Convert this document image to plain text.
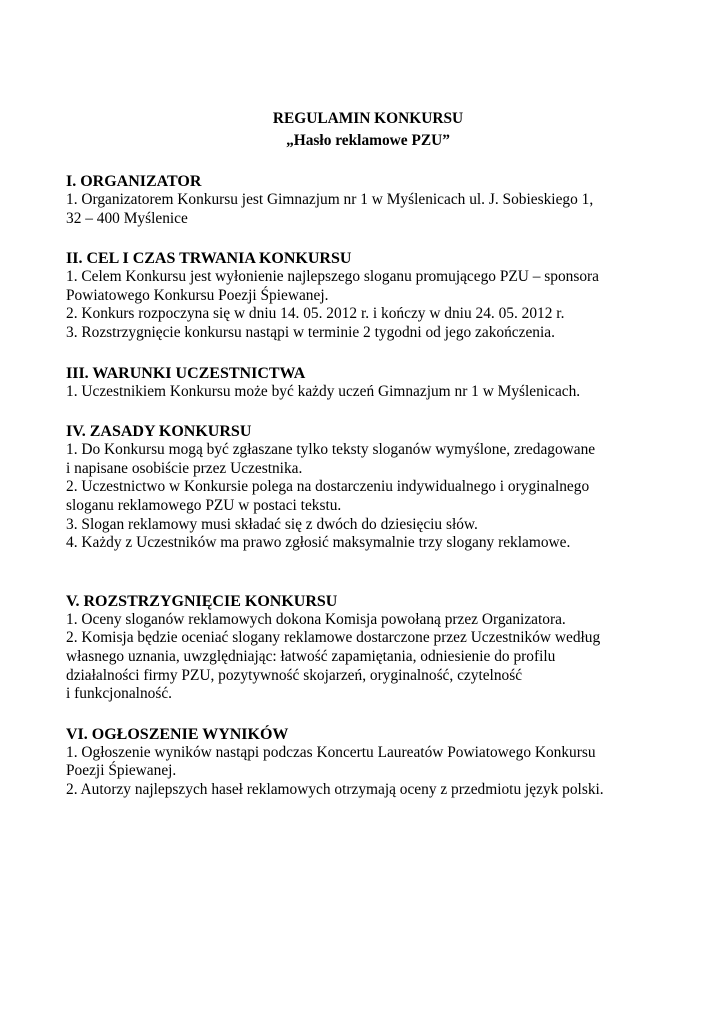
REGULAMIN KONKURSU
„Hasło reklamowe PZU”
I. ORGANIZATOR
1. Organizatorem Konkursu jest Gimnazjum nr 1 w Myślenicach ul. J. Sobieskiego 1,
32 – 400 Myślenice
II. CEL I CZAS TRWANIA KONKURSU
1. Celem Konkursu jest wyłonienie najlepszego sloganu promującego PZU – sponsora
Powiatowego Konkursu Poezji Śpiewanej.
2. Konkurs rozpoczyna się w dniu 14. 05. 2012 r. i kończy w dniu 24. 05. 2012 r.
3. Rozstrzygnięcie konkursu nastąpi w terminie 2 tygodni od jego zakończenia.
III. WARUNKI UCZESTNICTWA
1. Uczestnikiem Konkursu może być każdy uczeń Gimnazjum nr 1 w Myślenicach.
IV. ZASADY KONKURSU
1. Do Konkursu mogą być zgłaszane tylko teksty sloganów wymyślone, zredagowane
i napisane osobiście przez Uczestnika.
2. Uczestnictwo w Konkursie polega na dostarczeniu indywidualnego i oryginalnego
sloganu reklamowego PZU w postaci tekstu.
3. Slogan reklamowy musi składać się z dwóch do dziesięciu słów.
4. Każdy z Uczestników ma prawo zgłosić maksymalnie trzy slogany reklamowe.
V. ROZSTRZYGNIĘCIE KONKURSU
1. Oceny sloganów reklamowych dokona Komisja powołaną przez Organizatora.
2. Komisja będzie oceniać slogany reklamowe dostarczone przez Uczestników według
własnego uznania, uwzględniając: łatwość zapamiętania, odniesienie do profilu
działalności firmy PZU, pozytywność skojarzeń, oryginalność, czytelność
i funkcjonalność.
VI. OGŁOSZENIE WYNIKÓW
1. Ogłoszenie wyników nastąpi podczas Koncertu Laureatów Powiatowego Konkursu
Poezji Śpiewanej.
2. Autorzy najlepszych haseł reklamowych otrzymają oceny z przedmiotu język polski.
